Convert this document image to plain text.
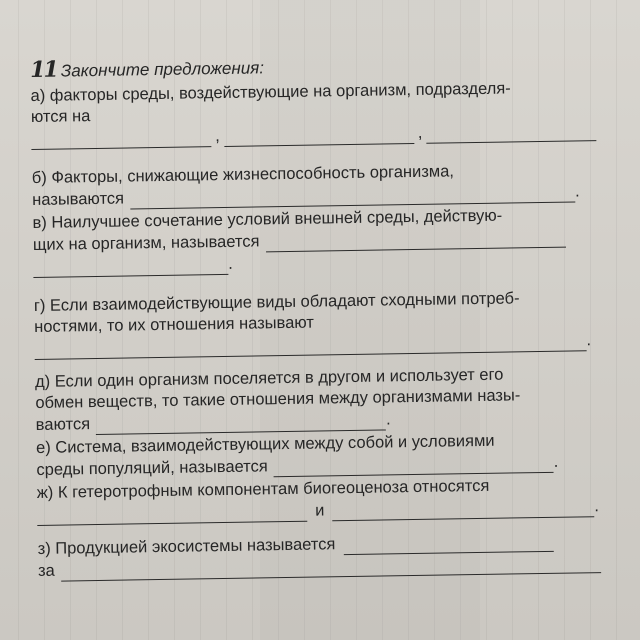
11 Закончите предложения:
а) факторы среды, воздействующие на организм, подразделя-
ются на
,	,
б) Факторы, снижающие жизнеспособность организма,
называются	.
в) Наилучшее сочетание условий внешней среды, действую-
щих на организм, называется
.
г) Если взаимодействующие виды обладают сходными потреб-
ностями, то их отношения называют
.
д) Если один организм поселяется в другом и использует его
обмен веществ, то такие отношения между организмами назы-
ваются	.
е) Система, взаимодействующих между собой и условиями
среды популяций, называется	.
ж) К гетеротрофным компонентам биогеоценоза относятся
и	.
з) Продукцией экосистемы называется
за
